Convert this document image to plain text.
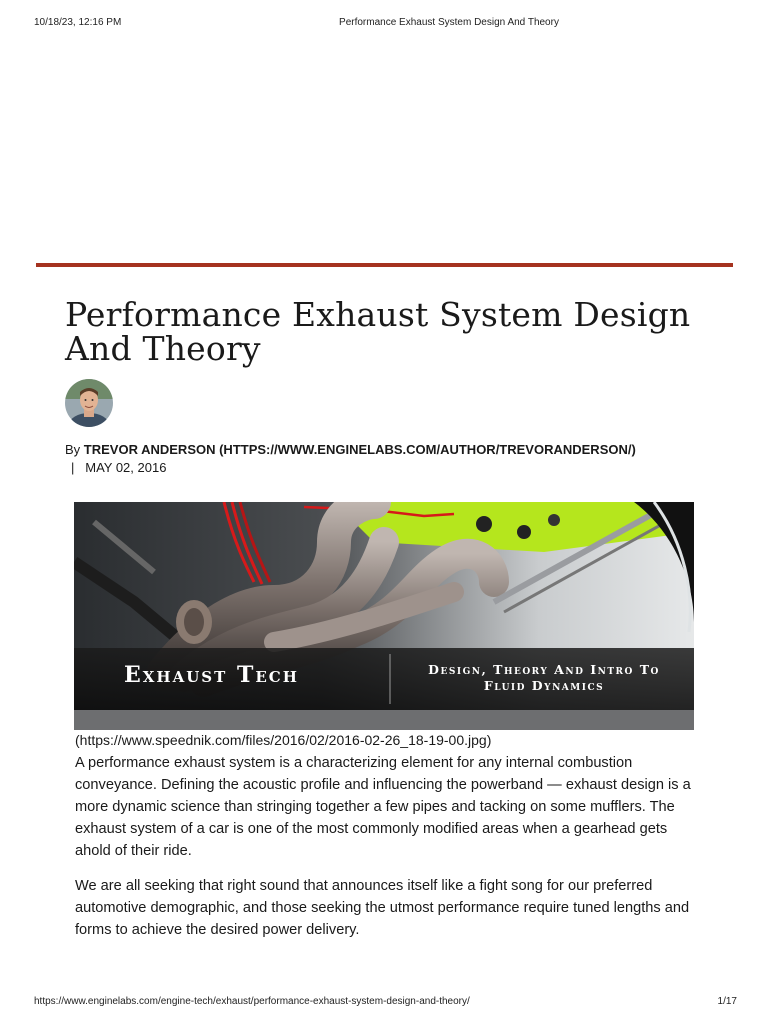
10/18/23, 12:16 PM	Performance Exhaust System Design And Theory
Performance Exhaust System Design And Theory
By TREVOR ANDERSON (HTTPS://WWW.ENGINELABS.COM/AUTHOR/TREVORANDERSON/)
| MAY 02, 2016
Exhaust Tech	Design, Theory And Intro To
Fluid Dynamics
(https://www.speednik.com/files/2016/02/2016-02-26_18-19-00.jpg)

A performance exhaust system is a characterizing element for any internal combustion conveyance. Defining the acoustic profile and influencing the powerband — exhaust design is a more dynamic science than stringing together a few pipes and tacking on some mufflers. The exhaust system of a car is one of the most commonly modified areas when a gearhead gets ahold of their ride.

We are all seeking that right sound that announces itself like a fight song for our preferred automotive demographic, and those seeking the utmost performance require tuned lengths and forms to achieve the desired power delivery.

https://www.enginelabs.com/engine-tech/exhaust/performance-exhaust-system-design-and-theory/	1/17
